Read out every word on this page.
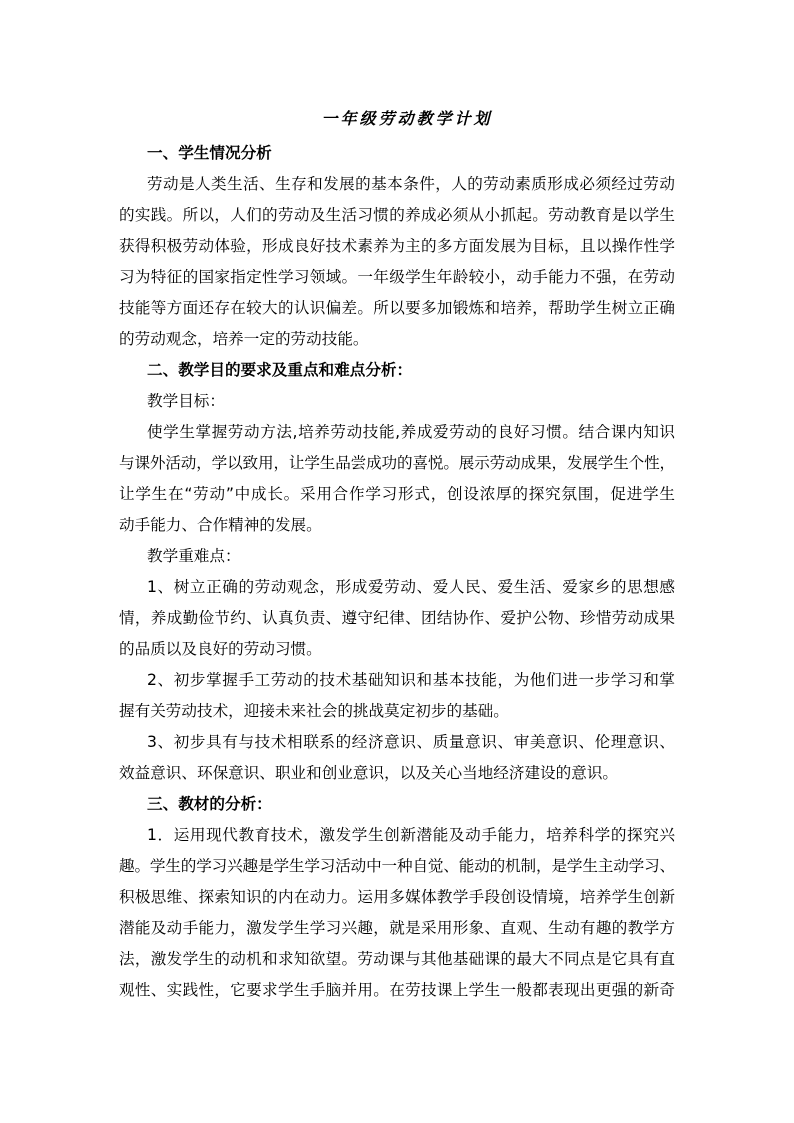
一年级劳动教学计划
一、学生情况分析
劳动是人类生活、生存和发展的基本条件，人的劳动素质形成必须经过劳动
的实践。所以，人们的劳动及生活习惯的养成必须从小抓起。劳动教育是以学生
获得积极劳动体验，形成良好技术素养为主的多方面发展为目标，且以操作性学
习为特征的国家指定性学习领域。一年级学生年龄较小，动手能力不强，在劳动
技能等方面还存在较大的认识偏差。所以要多加锻炼和培养，帮助学生树立正确
的劳动观念，培养一定的劳动技能。
二、教学目的要求及重点和难点分析：
教学目标：
使学生掌握劳动方法,培养劳动技能,养成爱劳动的良好习惯。结合课内知识
与课外活动，学以致用，让学生品尝成功的喜悦。展示劳动成果，发展学生个性，
让学生在“劳动”中成长。采用合作学习形式，创设浓厚的探究氛围，促进学生
动手能力、合作精神的发展。
教学重难点：
1、树立正确的劳动观念，形成爱劳动、爱人民、爱生活、爱家乡的思想感
情，养成勤俭节约、认真负责、遵守纪律、团结协作、爱护公物、珍惜劳动成果
的品质以及良好的劳动习惯。
2、初步掌握手工劳动的技术基础知识和基本技能，为他们进一步学习和掌
握有关劳动技术，迎接未来社会的挑战莫定初步的基础。
3、初步具有与技术相联系的经济意识、质量意识、审美意识、伦理意识、
效益意识、环保意识、职业和创业意识，以及关心当地经济建设的意识。
三、教材的分析：
1．运用现代教育技术，激发学生创新潜能及动手能力，培养科学的探究兴
趣。学生的学习兴趣是学生学习活动中一种自觉、能动的机制，是学生主动学习、
积极思维、探索知识的内在动力。运用多媒体教学手段创设情境，培养学生创新
潜能及动手能力，激发学生学习兴趣，就是采用形象、直观、生动有趣的教学方
法，激发学生的动机和求知欲望。劳动课与其他基础课的最大不同点是它具有直
观性、实践性，它要求学生手脑并用。在劳技课上学生一般都表现出更强的新奇
